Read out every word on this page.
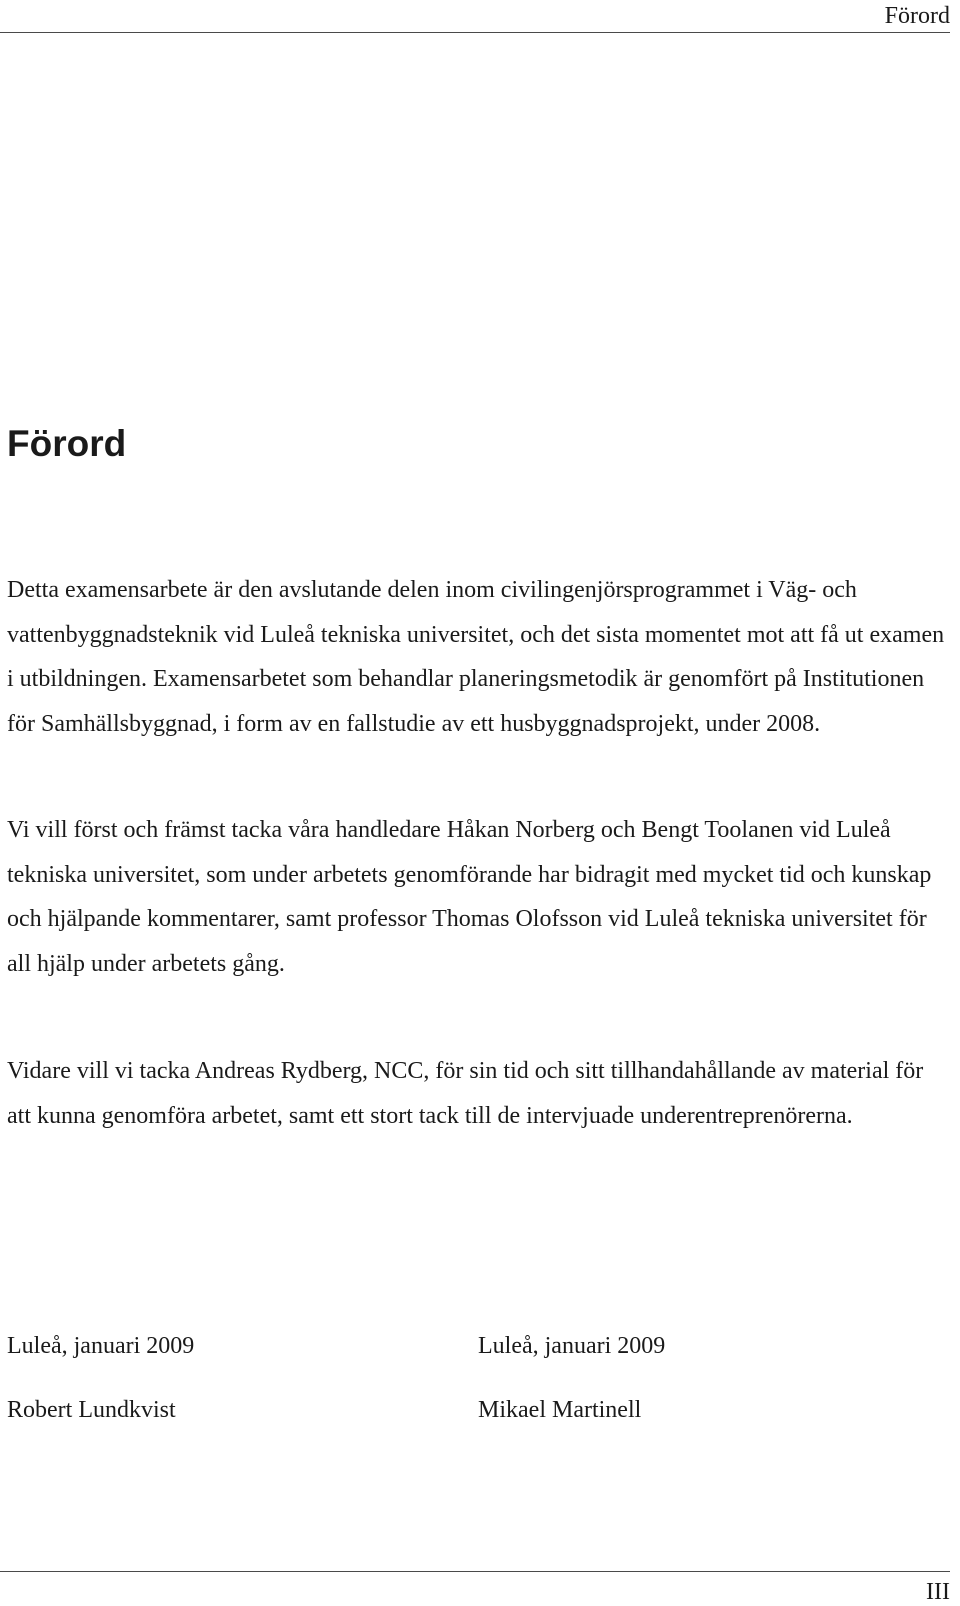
Förord
Förord

Detta examensarbete är den avslutande delen inom civilingenjörsprogrammet i Väg- och vattenbyggnadsteknik vid Luleå tekniska universitet, och det sista momentet mot att få ut examen i utbildningen. Examensarbetet som behandlar planeringsmetodik är genomfört på Institutionen för Samhällsbyggnad, i form av en fallstudie av ett husbyggnadsprojekt, under 2008.

Vi vill först och främst tacka våra handledare Håkan Norberg och Bengt Toolanen vid Luleå tekniska universitet, som under arbetets genomförande har bidragit med mycket tid och kunskap och hjälpande kommentarer, samt professor Thomas Olofsson vid Luleå tekniska universitet för all hjälp under arbetets gång.

Vidare vill vi tacka Andreas Rydberg, NCC, för sin tid och sitt tillhandahållande av material för att kunna genomföra arbetet, samt ett stort tack till de intervjuade underentreprenörerna.

Luleå, januari 2009

Robert Lundkvist

Luleå, januari 2009

Mikael Martinell

III
